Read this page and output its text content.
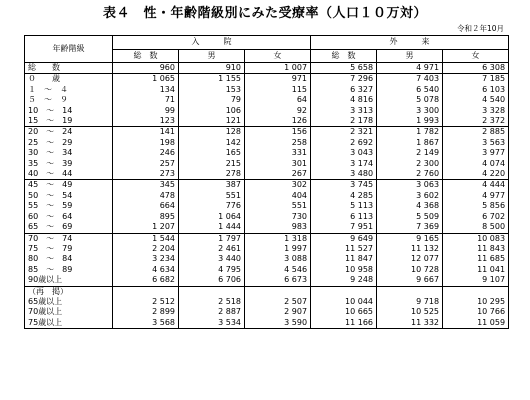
表４　性・年齢階級別にみた受療率（人口１０万対）
令和２年10月
年齢階級	入　　　院			外　　　来		
	総　数	男	女	総　数	男	女
総　　数	960	910	1 007	5 658	4 971	6 308
０　　歳	1 065	1 155	971	7 296	7 403	7 185
１　～　４	134	153	115	6 327	6 540	6 103
５　～　９	71	79	64	4 816	5 078	4 540
10　～　14	99	106	92	3 313	3 300	3 328
15　～　19	123	121	126	2 178	1 993	2 372
20　～　24	141	128	156	2 321	1 782	2 885
25　～　29	198	142	258	2 692	1 867	3 563
30　～　34	246	165	331	3 043	2 149	3 977
35　～　39	257	215	301	3 174	2 300	4 074
40　～　44	273	278	267	3 480	2 760	4 220
45　～　49	345	387	302	3 745	3 063	4 444
50　～　54	478	551	404	4 285	3 602	4 977
55　～　59	664	776	551	5 113	4 368	5 856
60　～　64	895	1 064	730	6 113	5 509	6 702
65　～　69	1 207	1 444	983	7 951	7 369	8 500
70　～　74	1 544	1 797	1 318	9 649	9 165	10 083
75　～　79	2 204	2 461	1 997	11 527	11 132	11 843
80　～　84	3 234	3 440	3 088	11 847	12 077	11 685
85　～　89	4 634	4 795	4 546	10 958	10 728	11 041
90歳以上	6 682	6 706	6 673	9 248	9 667	9 107
（再　掲）						
65歳以上	2 512	2 518	2 507	10 044	9 718	10 295
70歳以上	2 899	2 887	2 907	10 665	10 525	10 766
75歳以上	3 568	3 534	3 590	11 166	11 332	11 059
